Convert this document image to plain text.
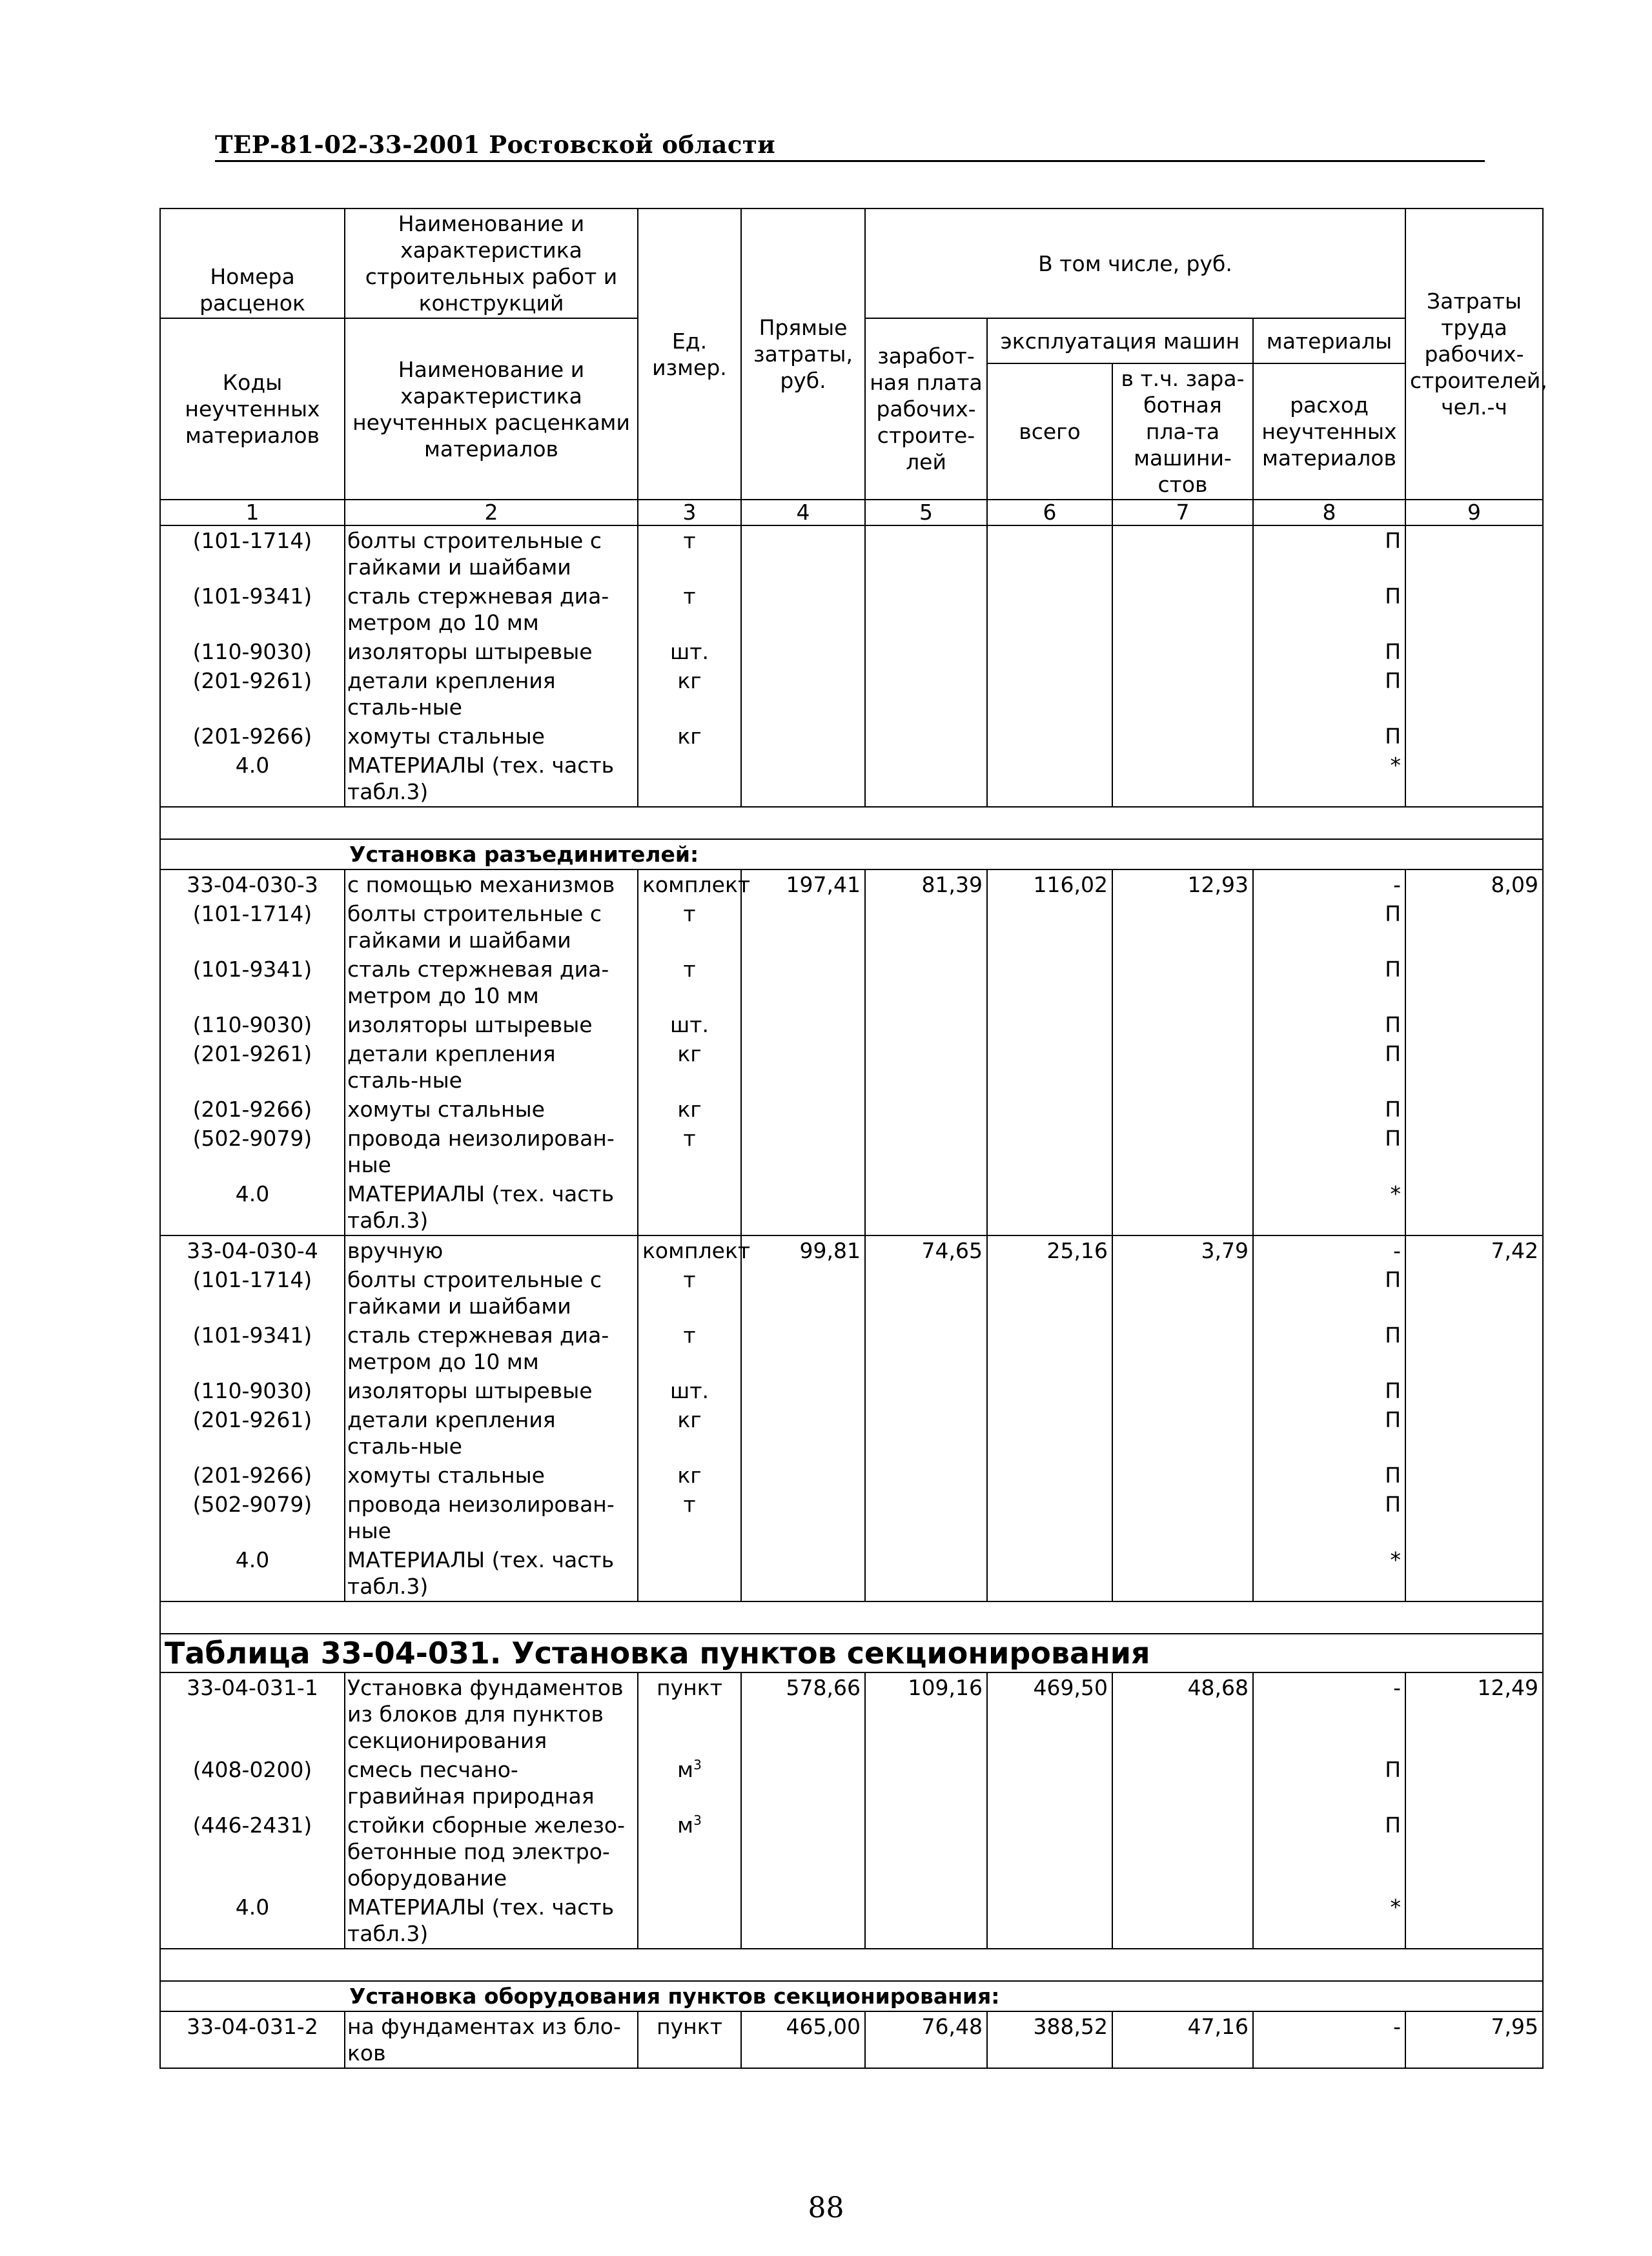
ТЕР-81-02-33-2001 Ростовской области
Номера расценок	Наименование и характеристика строительных работ и конструкций	Ед. измер.	Прямые затраты, руб.	В том числе, руб.				Затраты труда рабочих-строителей, чел.-ч
Коды неучтенных материалов	Наименование и характеристика неучтенных расценками материалов			заработ-ная плата рабочих-строите-лей	эксплуатация машин		материалы	
					всего	в т.ч. зара-ботная пла-та машини-стов	расход неучтенных материалов	

1	2	3	4	5	6	7	8	9
(101-1714)	болты строительные с гайками и шайбами	т					П	
(101-9341)	сталь стержневая диа-метром до 10 мм	т					П	
(110-9030)	изоляторы штыревые	шт.					П	
(201-9261)	детали крепления сталь-ные	кг					П	
(201-9266)	хомуты стальные	кг					П	
4.0	МАТЕРИАЛЫ (тех. часть табл.3)						*	

Установка разъединителей:								
33-04-030-3	с помощью механизмов	комплект	197,41	81,39	116,02	12,93	-	8,09
(101-1714)	болты строительные с гайками и шайбами	т					П	
(101-9341)	сталь стержневая диа-метром до 10 мм	т					П	
(110-9030)	изоляторы штыревые	шт.					П	
(201-9261)	детали крепления сталь-ные	кг					П	
(201-9266)	хомуты стальные	кг					П	
(502-9079)	провода неизолирован-ные	т					П	
4.0	МАТЕРИАЛЫ (тех. часть табл.3)						*	
33-04-030-4	вручную	комплект	99,81	74,65	25,16	3,79	-	7,42
(101-1714)	болты строительные с гайками и шайбами	т					П	
(101-9341)	сталь стержневая диа-метром до 10 мм	т					П	
(110-9030)	изоляторы штыревые	шт.					П	
(201-9261)	детали крепления сталь-ные	кг					П	
(201-9266)	хомуты стальные	кг					П	
(502-9079)	провода неизолирован-ные	т					П	
4.0	МАТЕРИАЛЫ (тех. часть табл.3)						*	

Таблица 33-04-031. Установка пунктов секционирования								
33-04-031-1	Установка фундаментов из блоков для пунктов секционирования	пункт	578,66	109,16	469,50	48,68	-	12,49
(408-0200)	смесь песчано-гравийная природная	$м^3$					П	
(446-2431)	стойки сборные железо-бетонные под электро-оборудование	$м^3$					П	
4.0	МАТЕРИАЛЫ (тех. часть табл.3)						*	

Установка оборудования пунктов секционирования:								
33-04-031-2	на фундаментах из бло-ков	пункт	465,00	76,48	388,52	47,16	-	7,95
88
